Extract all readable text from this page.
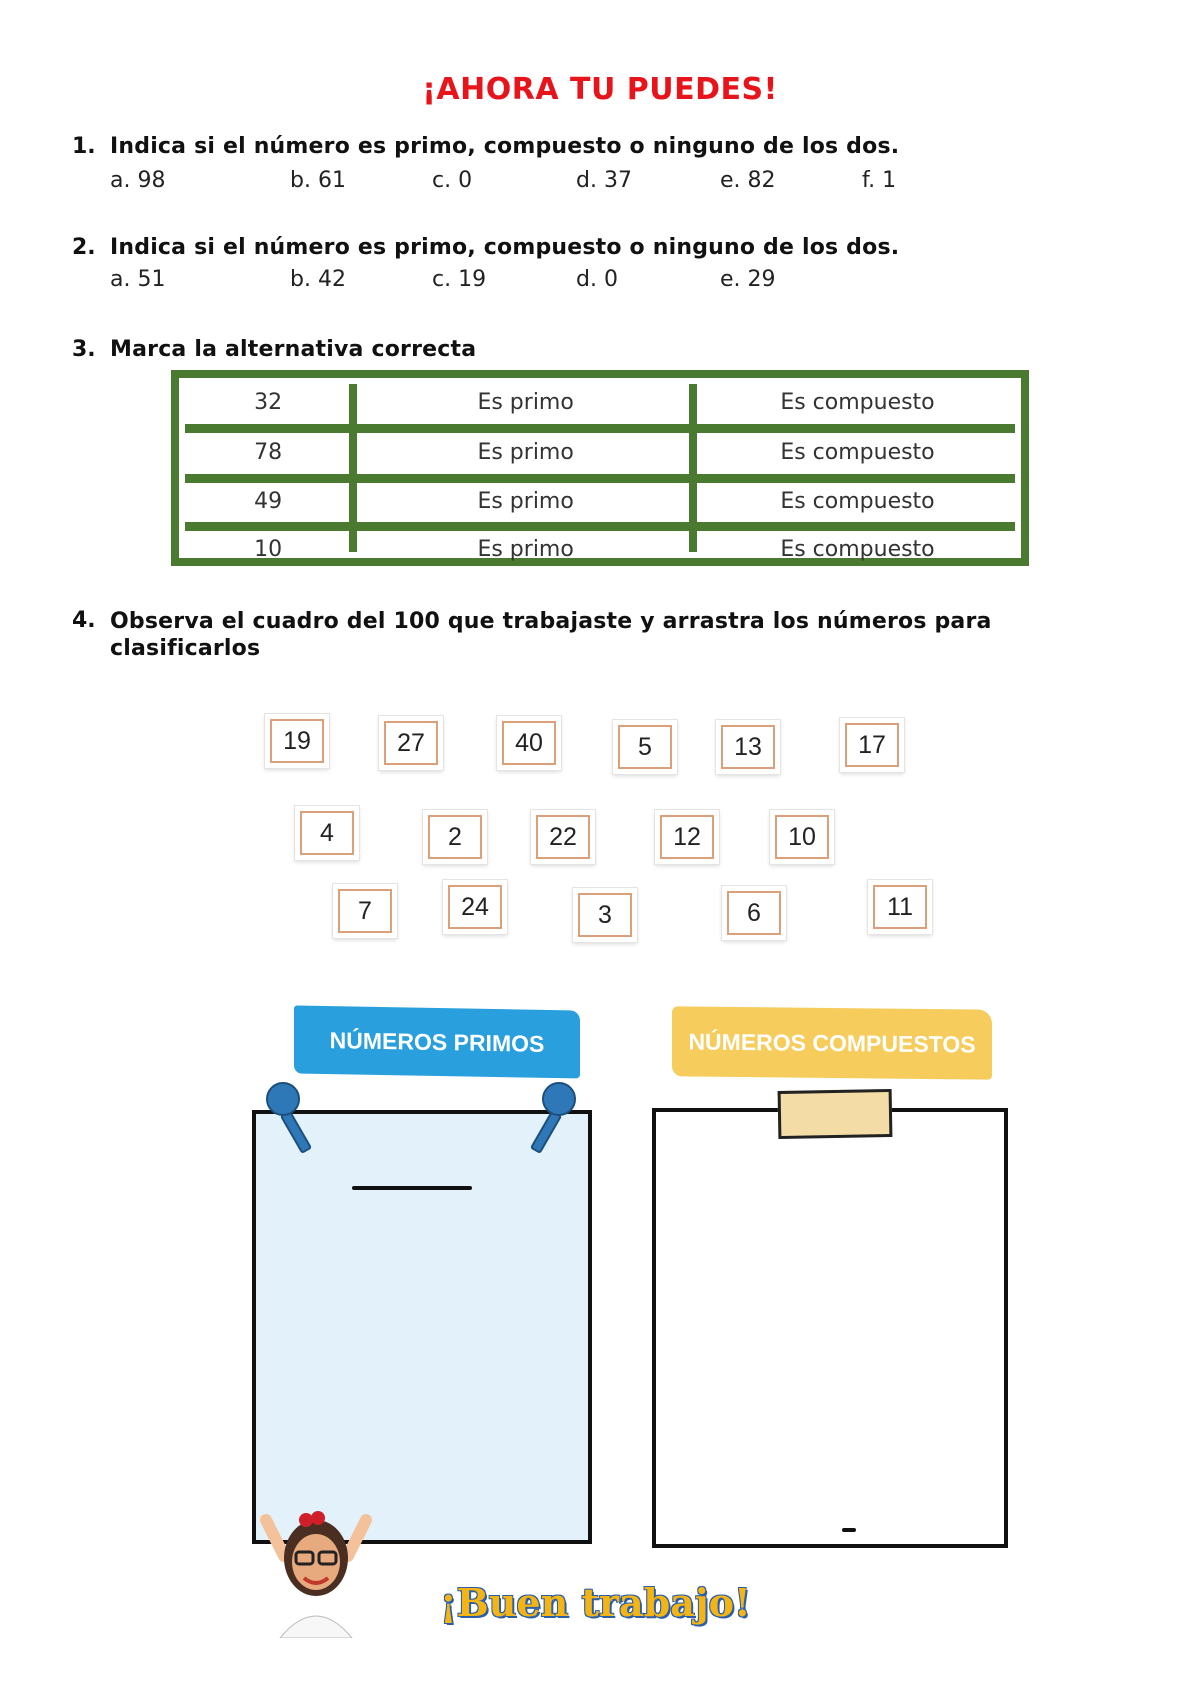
¡AHORA TU PUEDES!
1. Indica si el número es primo, compuesto o ninguno de los dos.
a. 98	b. 61	c. 0	d. 37	e. 82	f. 1
2. Indica si el número es primo, compuesto o ninguno de los dos.
a. 51	b. 42	c. 19	d. 0	e. 29
3. Marca la alternativa correcta
32	Es primo	Es compuesto
78	Es primo	Es compuesto
49	Es primo	Es compuesto
10	Es primo	Es compuesto
4. Observa el cuadro del 100 que trabajaste y arrastra los números para clasificarlos
19	27	40	5	13	17
4	2	22	12	10
7	24	3	6	11
NÚMEROS PRIMOS	NÚMEROS COMPUESTOS
¡Buen trabajo!
